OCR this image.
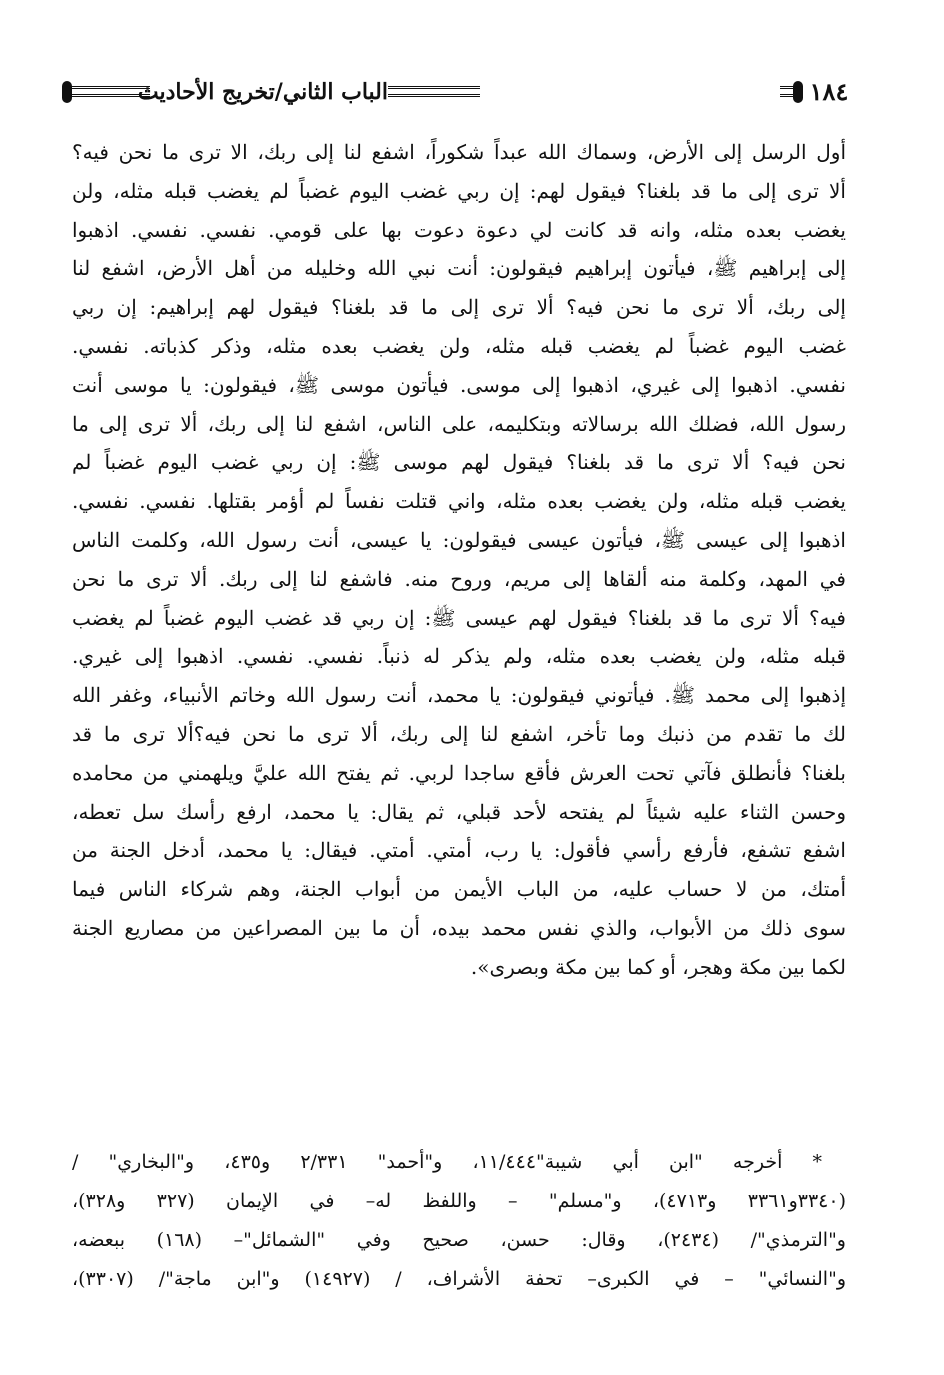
الباب الثاني/تخريج الأحاديث	١٨٤
أول الرسل إلى الأرض، وسماك الله عبداً شكوراً، اشفع لنا إلى ربك، الا ترى ما نحن فيه؟
ألا ترى إلى ما قد بلغنا؟ فيقول لهم: إن ربي غضب اليوم غضباً لم يغضب قبله مثله، ولن
يغضب بعده مثله، وانه قد كانت لي دعوة دعوت بها على قومي. نفسي. نفسي. اذهبوا
إلى إبراهيم ﷺ، فيأتون إبراهيم فيقولون: أنت نبي الله وخليله من أهل الأرض، اشفع لنا
إلى ربك، ألا ترى ما نحن فيه؟ ألا ترى إلى ما قد بلغنا؟ فيقول لهم إبراهيم: إن ربي
غضب اليوم غضباً لم يغضب قبله مثله، ولن يغضب بعده مثله، وذكر كذباته. نفسي.
نفسي. اذهبوا إلى غيري، اذهبوا إلى موسى. فيأتون موسى ﷺ، فيقولون: يا موسى أنت
رسول الله، فضلك الله برسالاته وبتكليمه، على الناس، اشفع لنا إلى ربك، ألا ترى إلى ما
نحن فيه؟ ألا ترى ما قد بلغنا؟ فيقول لهم موسى ﷺ: إن ربي غضب اليوم غضباً لم
يغضب قبله مثله، ولن يغضب بعده مثله، واني قتلت نفساً لم أؤمر بقتلها. نفسي. نفسي.
اذهبوا إلى عيسى ﷺ، فيأتون عيسى فيقولون: يا عيسى، أنت رسول الله، وكلمت الناس
في المهد، وكلمة منه ألقاها إلى مريم، وروح منه. فاشفع لنا إلى ربك. ألا ترى ما نحن
فيه؟ ألا ترى ما قد بلغنا؟ فيقول لهم عيسى ﷺ: إن ربي قد غضب اليوم غضباً لم يغضب
قبله مثله، ولن يغضب بعده مثله، ولم يذكر له ذنباً. نفسي. نفسي. اذهبوا إلى غيري.
إذهبوا إلى محمد ﷺ. فيأتوني فيقولون: يا محمد، أنت رسول الله وخاتم الأنبياء، وغفر الله
لك ما تقدم من ذنبك وما تأخر، اشفع لنا إلى ربك، ألا ترى ما نحن فيه؟ألا ترى ما قد
بلغنا؟ فأنطلق فآتي تحت العرش فأقع ساجدا لربي. ثم يفتح الله عليَّ ويلهمني من محامده
وحسن الثناء عليه شيئاً لم يفتحه لأحد قبلي، ثم يقال: يا محمد، ارفع رأسك سل تعطه،
اشفع تشفع، فأرفع رأسي فأقول: يا رب، أمتي. أمتي. فيقال: يا محمد، أدخل الجنة من
أمتك، من لا حساب عليه، من الباب الأيمن من أبواب الجنة، وهم شركاء الناس فيما
سوى ذلك من الأبواب، والذي نفس محمد بيده، أن ما بين المصراعين من مصاريع الجنة
لكما بين مكة وهجر، أو كما بين مكة وبصرى».
* أخرجه "ابن أبي شيبة"١١/٤٤٤، و"أحمد" ٢/٣٣١ و٤٣٥، و"البخاري" /
(٣٣٤٠و٣٣٦١ و٤٧١٣)، و"مسلم" – واللفظ له– في الإيمان (٣٢٧ و٣٢٨)،
و"الترمذي"/ (٢٤٣٤)، وقال: حسن، صحيح وفي "الشمائل"– (١٦٨) ببعضه،
و"النسائي" – في الكبرى– تحفة الأشراف، / (١٤٩٢٧) و"ابن ماجة"/ (٣٣٠٧)،
